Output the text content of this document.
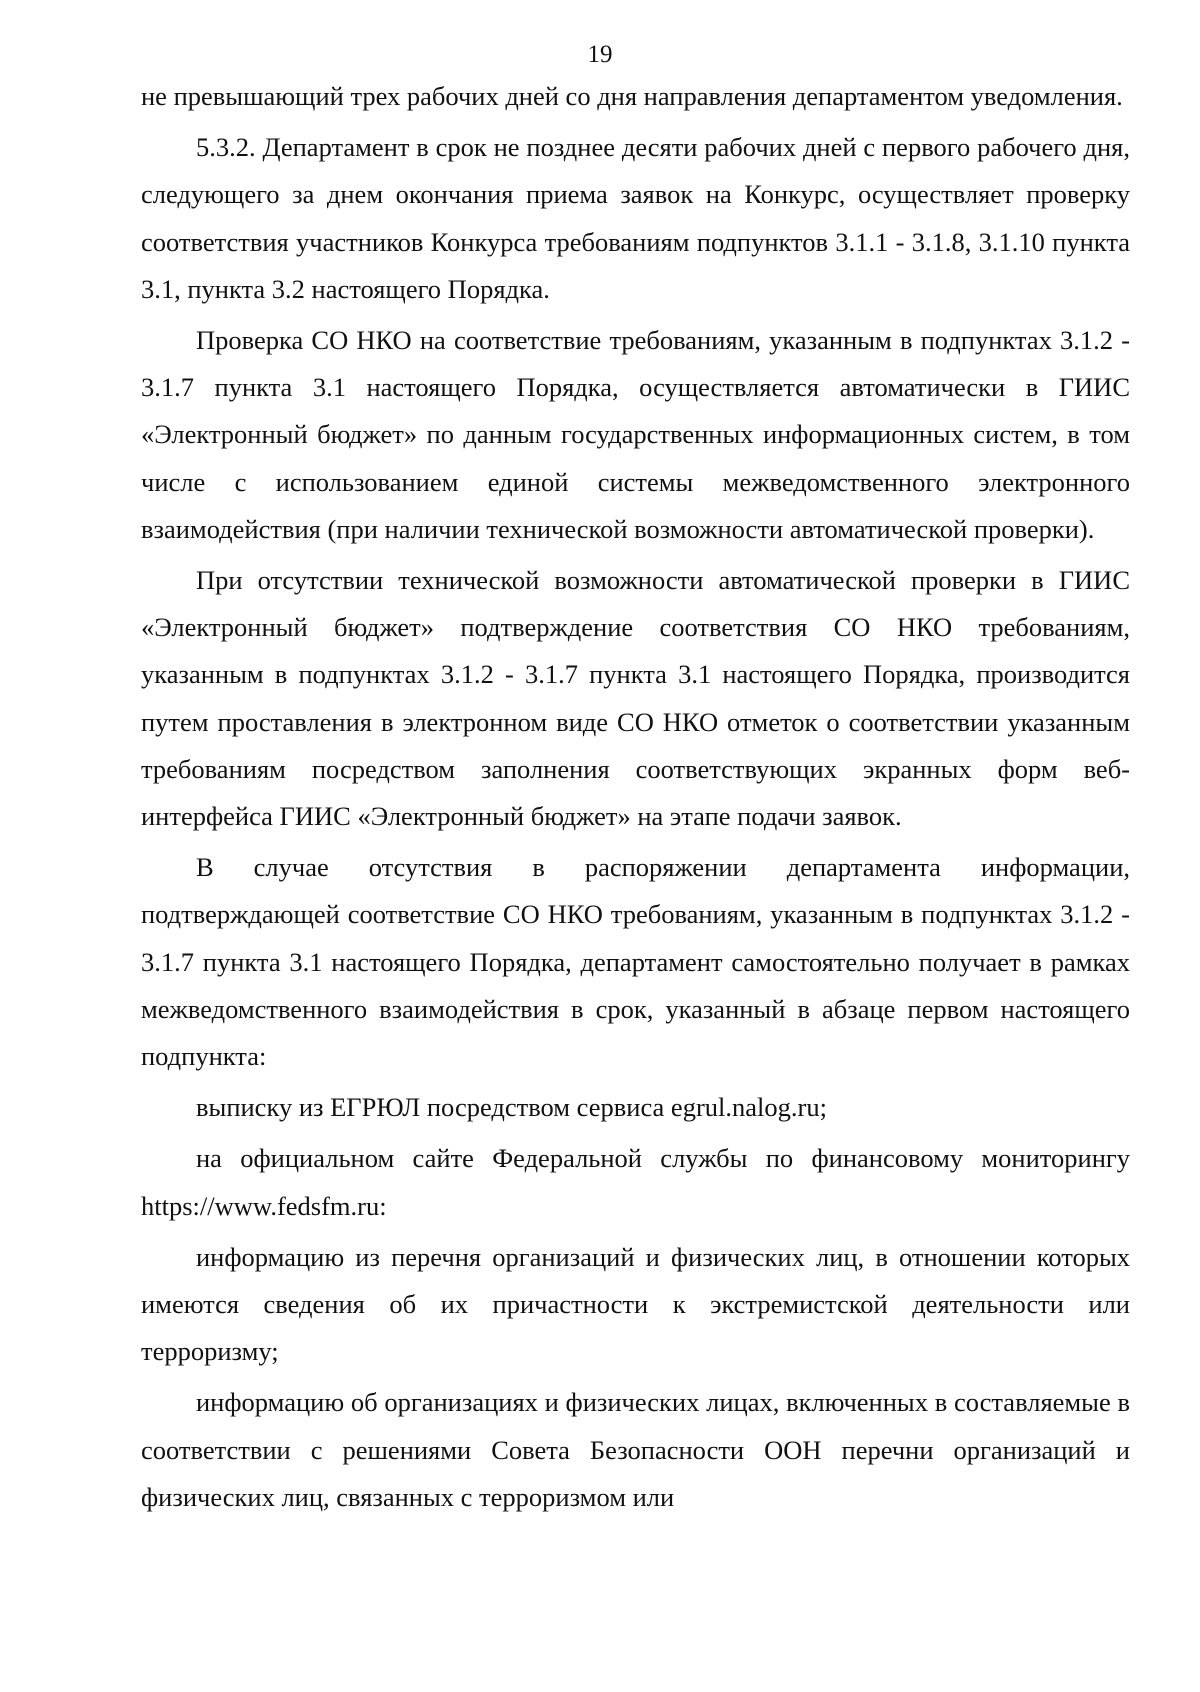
19

не превышающий трех рабочих дней со дня направления департаментом уведомления.

5.3.2. Департамент в срок не позднее десяти рабочих дней с первого рабочего дня, следующего за днем окончания приема заявок на Конкурс, осуществляет проверку соответствия участников Конкурса требованиям подпунктов 3.1.1 - 3.1.8, 3.1.10 пункта 3.1, пункта 3.2 настоящего Порядка.

Проверка СО НКО на соответствие требованиям, указанным в подпунктах 3.1.2 - 3.1.7 пункта 3.1 настоящего Порядка, осуществляется автоматически в ГИИС «Электронный бюджет» по данным государственных информационных систем, в том числе с использованием единой системы межведомственного электронного взаимодействия (при наличии технической возможности автоматической проверки).

При отсутствии технической возможности автоматической проверки в ГИИС «Электронный бюджет» подтверждение соответствия СО НКО требованиям, указанным в подпунктах 3.1.2 - 3.1.7 пункта 3.1 настоящего Порядка, производится путем проставления в электронном виде СО НКО отметок о соответствии указанным требованиям посредством заполнения соответствующих экранных форм веб-интерфейса ГИИС «Электронный бюджет» на этапе подачи заявок.

В случае отсутствия в распоряжении департамента информации, подтверждающей соответствие СО НКО требованиям, указанным в подпунктах 3.1.2 - 3.1.7 пункта 3.1 настоящего Порядка, департамент самостоятельно получает в рамках межведомственного взаимодействия в срок, указанный в абзаце первом настоящего подпункта:

выписку из ЕГРЮЛ посредством сервиса egrul.nalog.ru;

на официальном сайте Федеральной службы по финансовому мониторингу https://www.fedsfm.ru:

информацию из перечня организаций и физических лиц, в отношении которых имеются сведения об их причастности к экстремистской деятельности или терроризму;

информацию об организациях и физических лицах, включенных в составляемые в соответствии с решениями Совета Безопасности ООН перечни организаций и физических лиц, связанных с терроризмом или
